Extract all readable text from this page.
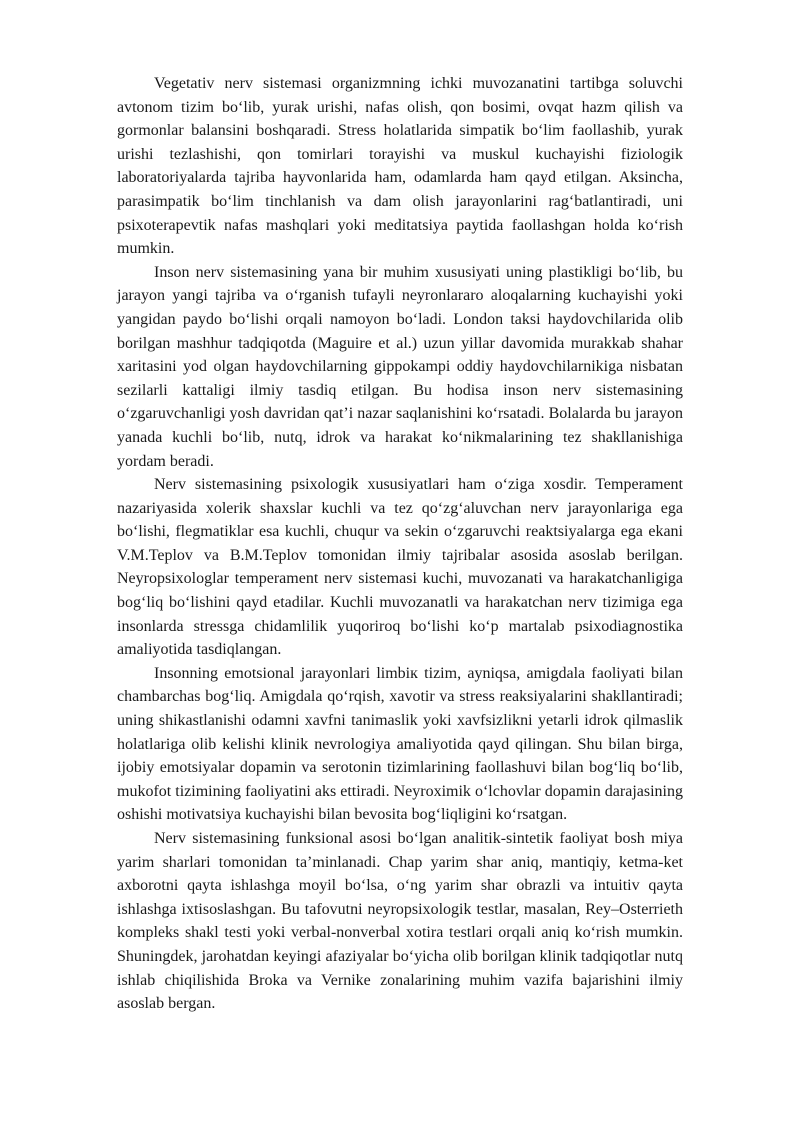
Vegetativ nerv sistemasi organizmning ichki muvozanatini tartibga soluvchi avtonom tizim bo‘lib, yurak urishi, nafas olish, qon bosimi, ovqat hazm qilish va gormonlar balansini boshqaradi. Stress holatlarida simpatik bo‘lim faollashib, yurak urishi tezlashishi, qon tomirlari torayishi va muskul kuchayishi fiziologik laboratoriyalarda tajriba hayvonlarida ham, odamlarda ham qayd etilgan. Aksincha, parasimpatik bo‘lim tinchlanish va dam olish jarayonlarini rag‘batlantiradi, uni psixoterapevtik nafas mashqlari yoki meditatsiya paytida faollashgan holda ko‘rish mumkin.

Inson nerv sistemasining yana bir muhim xususiyati uning plastikligi bo‘lib, bu jarayon yangi tajriba va o‘rganish tufayli neyronlararo aloqalarning kuchayishi yoki yangidan paydo bo‘lishi orqali namoyon bo‘ladi. London taksi haydovchilarida olib borilgan mashhur tadqiqotda (Maguire et al.) uzun yillar davomida murakkab shahar xaritasini yod olgan haydovchilarning gippokampi oddiy haydovchilarnikiga nisbatan sezilarli kattaligi ilmiy tasdiq etilgan. Bu hodisa inson nerv sistemasining o‘zgaruvchanligi yosh davridan qat’i nazar saqlanishini ko‘rsatadi. Bolalarda bu jarayon yanada kuchli bo‘lib, nutq, idrok va harakat ko‘nikmalarining tez shakllanishiga yordam beradi.

Nerv sistemasining psixologik xususiyatlari ham o‘ziga xosdir. Temperament nazariyasida xolerik shaxslar kuchli va tez qo‘zg‘aluvchan nerv jarayonlariga ega bo‘lishi, flegmatiklar esa kuchli, chuqur va sekin o‘zgaruvchi reaktsiyalarga ega ekani V.M.Teplov va B.M.Teplov tomonidan ilmiy tajribalar asosida asoslab berilgan. Neyropsixologlar temperament nerv sistemasi kuchi, muvozanati va harakatchanligiga bog‘liq bo‘lishini qayd etadilar. Kuchli muvozanatli va harakatchan nerv tizimiga ega insonlarda stressga chidamlilik yuqoriroq bo‘lishi ko‘p martalab psixodiagnostika amaliyotida tasdiqlangan.

Insonning emotsional jarayonlari limbiк tizim, ayniqsa, amigdala faoliyati bilan chambarchas bog‘liq. Amigdala qo‘rqish, xavotir va stress reaksiyalarini shakllantiradi; uning shikastlanishi odamni xavfni tanimaslik yoki xavfsizlikni yetarli idrok qilmaslik holatlariga olib kelishi klinik nevrologiya amaliyotida qayd qilingan. Shu bilan birga, ijobiy emotsiyalar dopamin va serotonin tizimlarining faollashuvi bilan bog‘liq bo‘lib, mukofot tizimining faoliyatini aks ettiradi. Neyroximik o‘lchovlar dopamin darajasining oshishi motivatsiya kuchayishi bilan bevosita bog‘liqligini ko‘rsatgan.

Nerv sistemasining funksional asosi bo‘lgan analitik-sintetik faoliyat bosh miya yarim sharlari tomonidan ta’minlanadi. Chap yarim shar aniq, mantiqiy, ketma-ket axborotni qayta ishlashga moyil bo‘lsa, o‘ng yarim shar obrazli va intuitiv qayta ishlashga ixtisoslashgan. Bu tafovutni neyropsixologik testlar, masalan, Rey–Osterrieth kompleks shakl testi yoki verbal-nonverbal xotira testlari orqali aniq ko‘rish mumkin. Shuningdek, jarohatdan keyingi afaziyalar bo‘yicha olib borilgan klinik tadqiqotlar nutq ishlab chiqilishida Broka va Vernike zonalarining muhim vazifa bajarishini ilmiy asoslab bergan.
